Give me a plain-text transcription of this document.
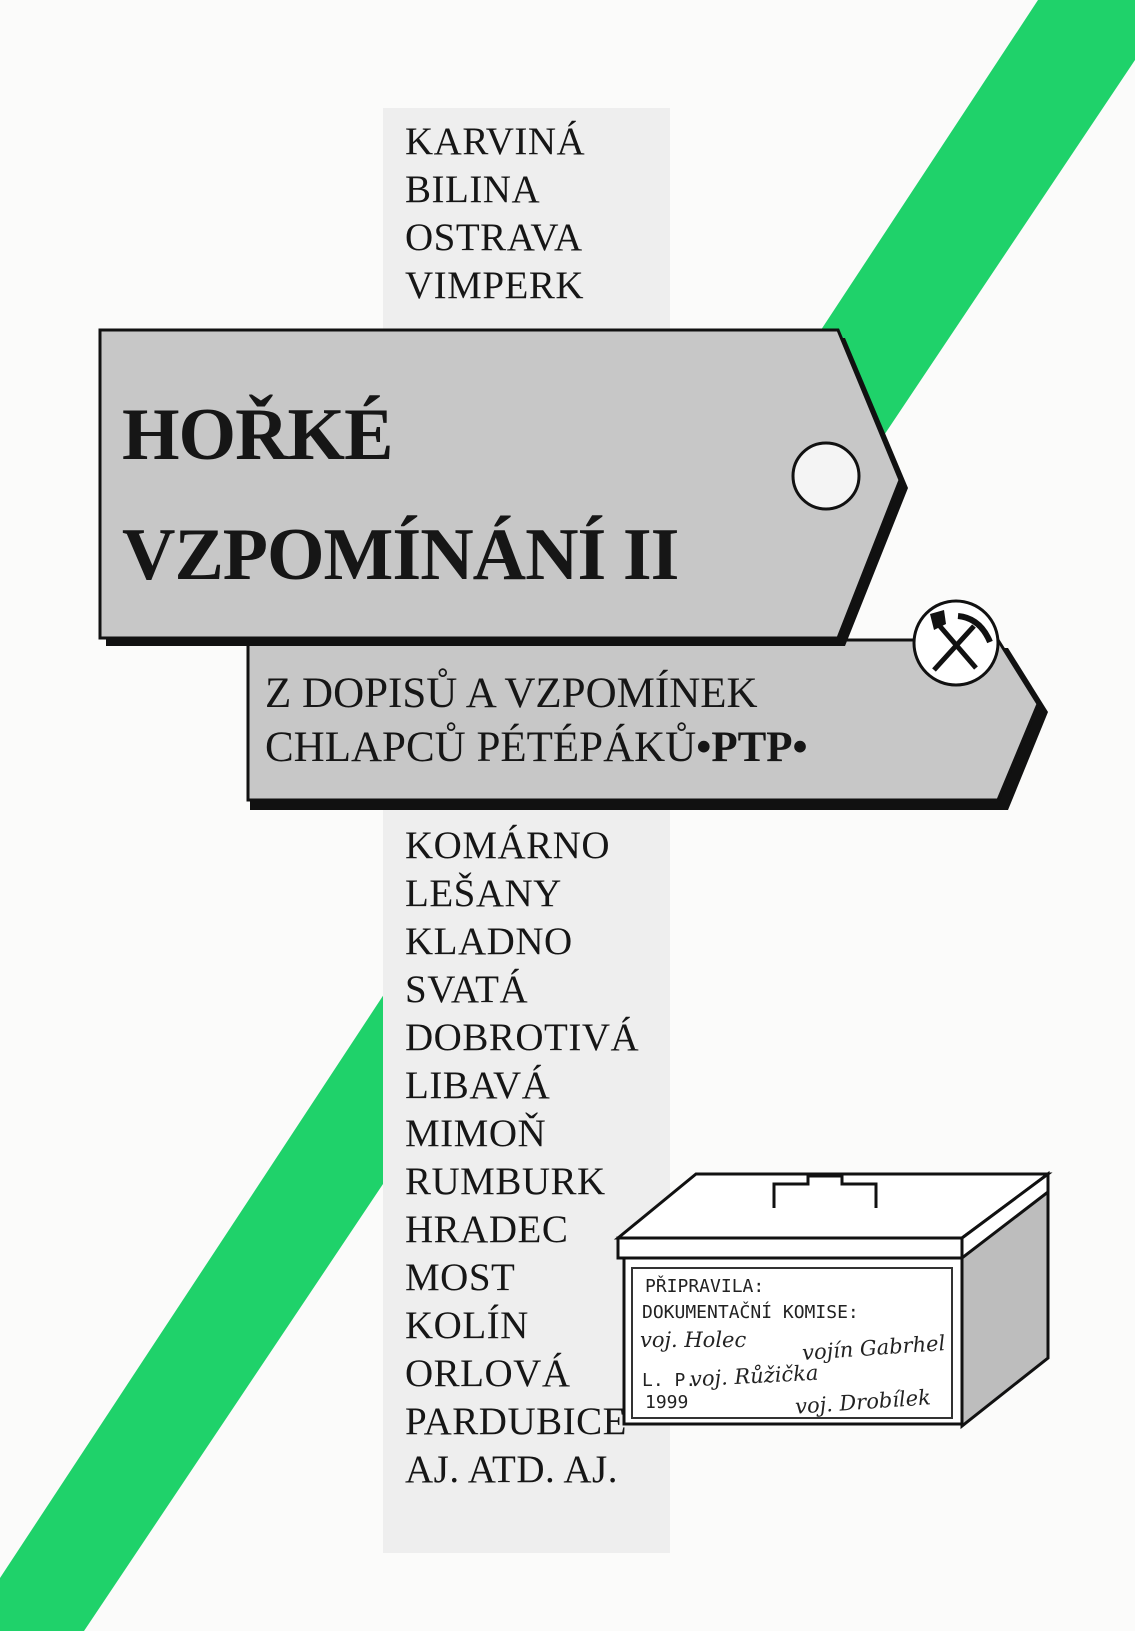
KARVINÁ
BILINA
OSTRAVA
VIMPERK
HOŘKÉ
VZPOMÍNÁNÍ II
Z DOPISŮ A VZPOMÍNEK
CHLAPCŮ PÉTÉPÁKŮ•PTP•
KOMÁRNO
LEŠANY
KLADNO
SVATÁ
DOBROTIVÁ
LIBAVÁ
MIMOŇ
RUMBURK
HRADEC
MOST
KOLÍN
ORLOVÁ
PARDUBICE
AJ. ATD. AJ.
PŘIPRAVILA:
DOKUMENTAČNÍ KOMISE:
voj. Holec	vojín Gabrhel
L. P.
voj. Růžička
1999	voj. Drobílek
